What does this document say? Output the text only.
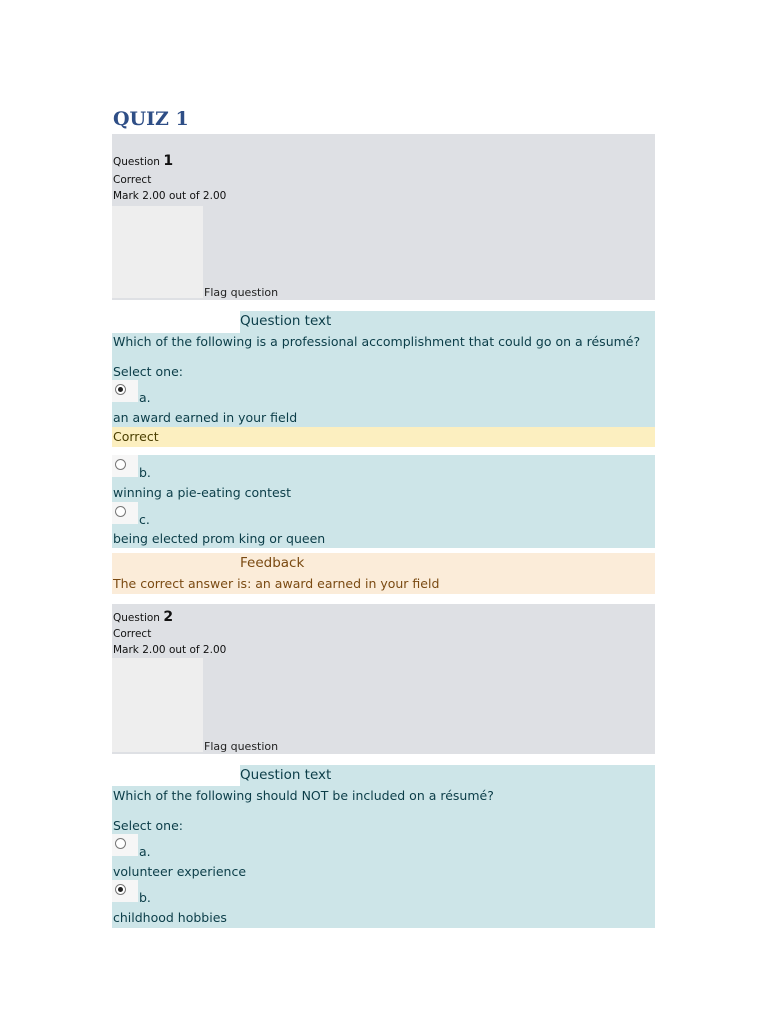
QUIZ 1
Question 1
Correct
Mark 2.00 out of 2.00
Flag question
Question text
Which of the following is a professional accomplishment that could go on a résumé?
Select one:
a.
an award earned in your field
Correct
b.
winning a pie-eating contest
c.
being elected prom king or queen
Feedback
The correct answer is: an award earned in your field
Question 2
Correct
Mark 2.00 out of 2.00
Flag question
Question text
Which of the following should NOT be included on a résumé?
Select one:
a.
volunteer experience
b.
childhood hobbies
